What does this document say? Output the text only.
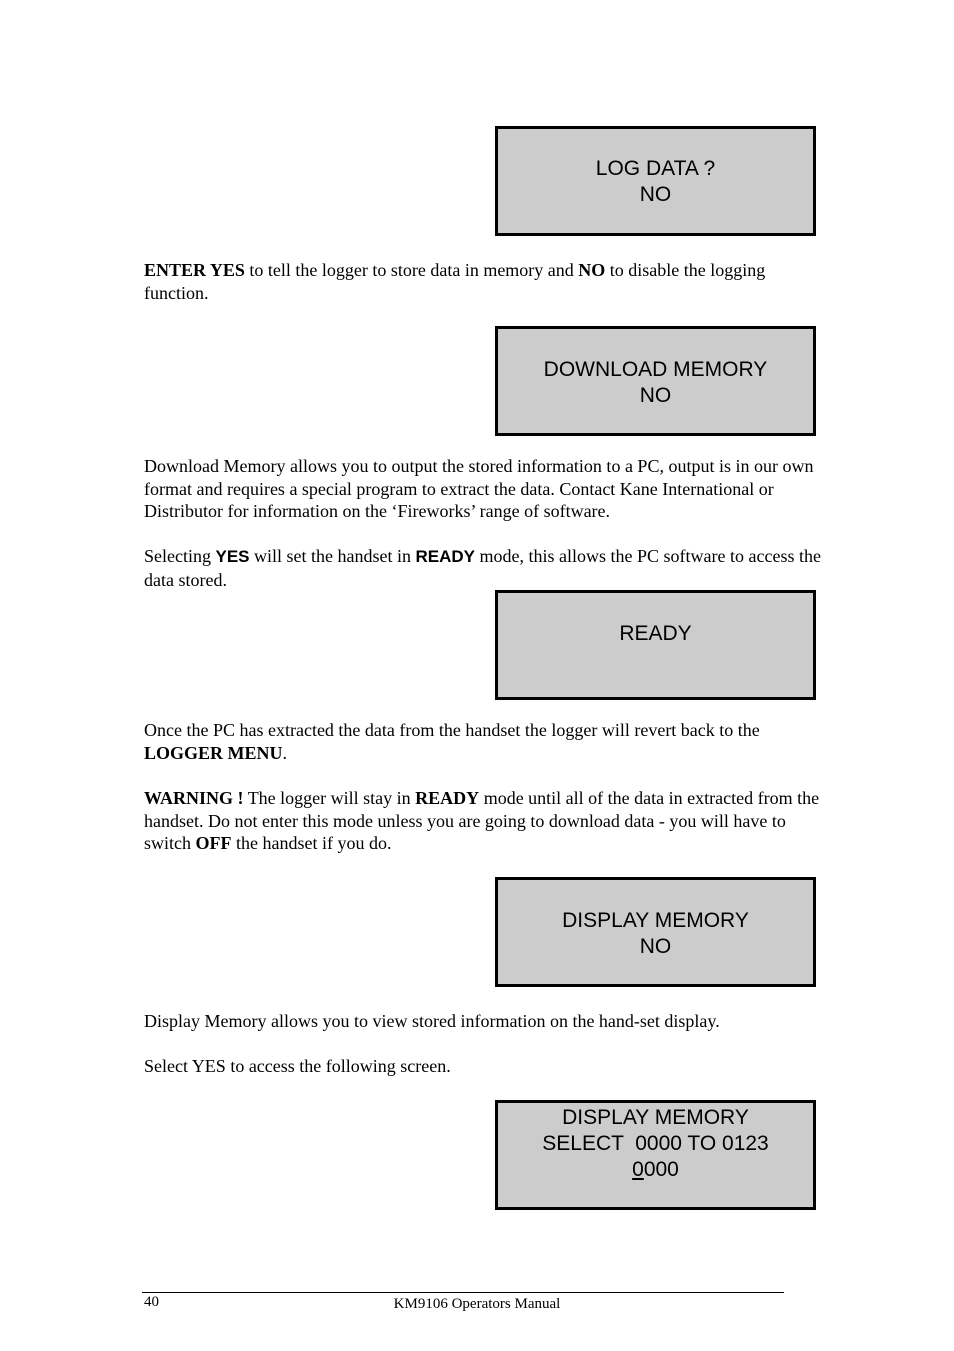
LOG DATA ?
NO

ENTER YES to tell the logger to store data in memory and NO to disable the logging function.

DOWNLOAD MEMORY
NO

Download Memory allows you to output the stored information to a PC, output is in our own format and requires a special program to extract the data. Contact Kane International or Distributor for information on the ‘Fireworks’ range of software.

Selecting YES will set the handset in READY mode, this allows the PC software to access the data stored.

READY

Once the PC has extracted the data from the handset the logger will revert back to the LOGGER MENU.

WARNING ! The logger will stay in READY mode until all of the data in extracted from the handset. Do not enter this mode unless you are going to download data - you will have to switch OFF the handset if you do.

DISPLAY MEMORY
NO

Display Memory allows you to view stored information on the hand-set display.

Select YES to access the following screen.

DISPLAY MEMORY
SELECT  0000 TO 0123
0000
40	KM9106 Operators Manual
